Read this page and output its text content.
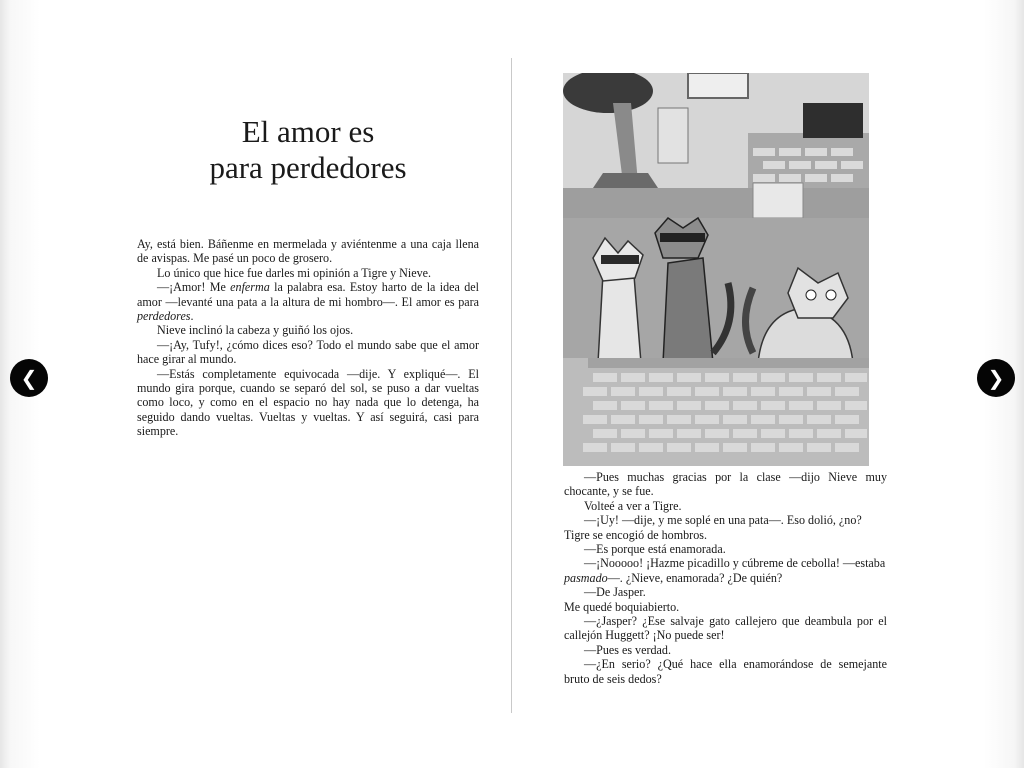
El amor es
para perdedores

Ay, está bien. Báñenme en mermelada y aviéntenme a una caja llena de avispas. Me pasé un poco de grosero.

Lo único que hice fue darles mi opinión a Tigre y Nieve.

—¡Amor! Me enferma la palabra esa. Estoy harto de la idea del amor —levanté una pata a la altura de mi hombro—. El amor es para perdedores.

Nieve inclinó la cabeza y guiñó los ojos.

—¡Ay, Tufy!, ¿cómo dices eso? Todo el mundo sabe que el amor hace girar al mundo.

—Estás completamente equivocada —dije. Y expliqué—. El mundo gira porque, cuando se separó del sol, se puso a dar vueltas como loco, y como en el espacio no hay nada que lo detenga, ha seguido dando vueltas. Vueltas y vueltas. Y así seguirá, casi para siempre.

—Pues muchas gracias por la clase —dijo Nieve muy chocante, y se fue.

Volteé a ver a Tigre.

—¡Uy! —dije, y me soplé en una pata—. Eso dolió, ¿no?

Tigre se encogió de hombros.

—Es porque está enamorada.

—¡Nooooo! ¡Hazme picadillo y cúbreme de cebolla! —estaba

pasmado—. ¿Nieve, enamorada? ¿De quién?

—De Jasper.

Me quedé boquiabierto.

—¿Jasper? ¿Ese salvaje gato callejero que deambula por el callejón Huggett? ¡No puede ser!

—Pues es verdad.

—¿En serio? ¿Qué hace ella enamorándose de semejante bruto de seis dedos?

❮	❯
